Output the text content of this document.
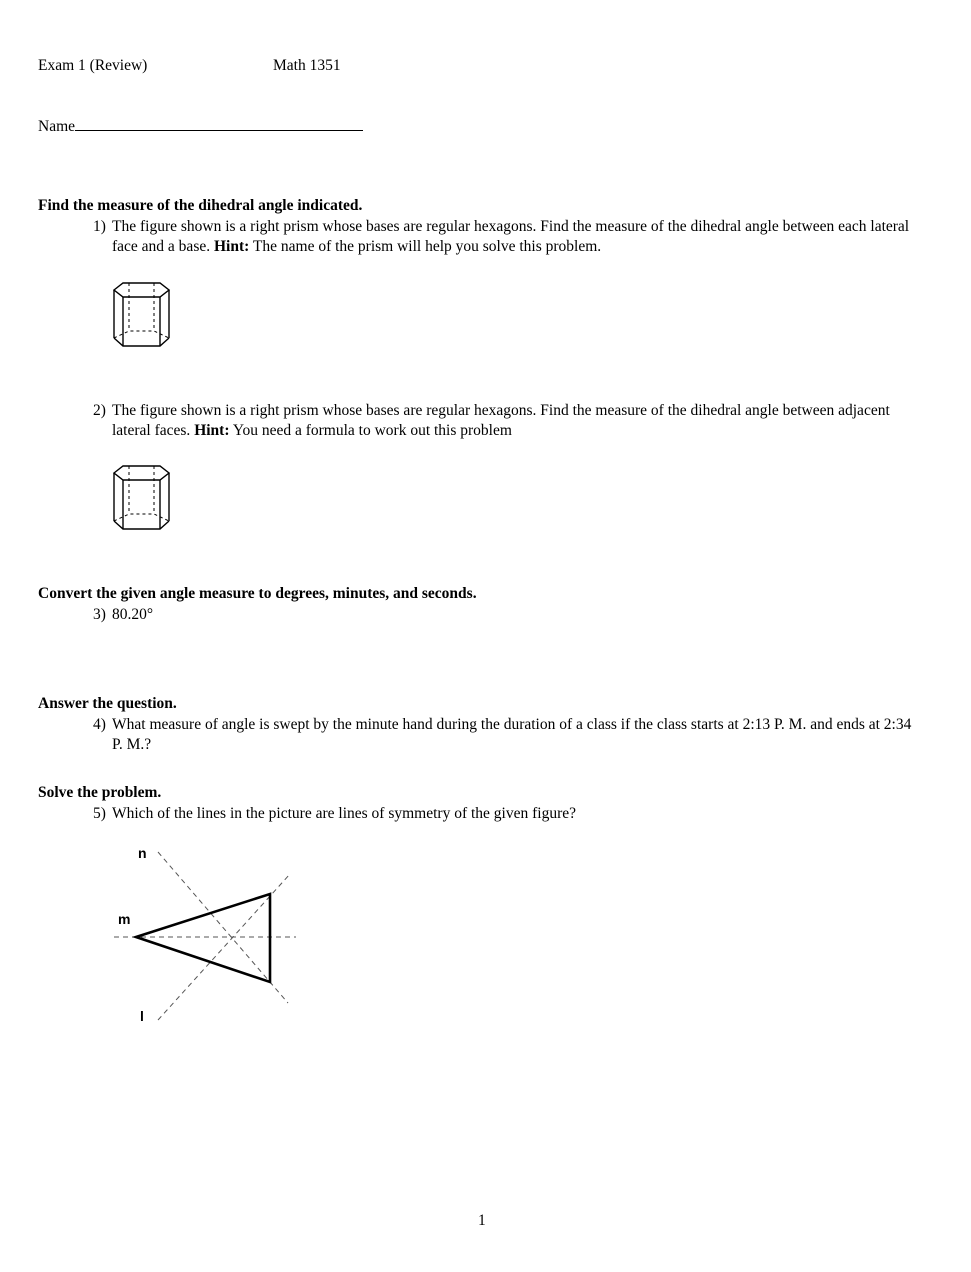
Exam 1 (Review)	Math 1351
Name
Find the measure of the dihedral angle indicated.
1) The figure shown is a right prism whose bases are regular hexagons. Find the measure of the dihedral angle between each lateral face and a base. Hint: The name of the prism will help you solve this problem.
2) The figure shown is a right prism whose bases are regular hexagons. Find the measure of the dihedral angle between adjacent lateral faces. Hint: You need a formula to work out this problem
Convert the given angle measure to degrees, minutes, and seconds.
3) 80.20°
Answer the question.
4) What measure of angle is swept by the minute hand during the duration of a class if the class starts at 2:13 P. M. and ends at 2:34 P. M.?
Solve the problem.
5) Which of the lines in the picture are lines of symmetry of the given figure?
n
m
l
1
